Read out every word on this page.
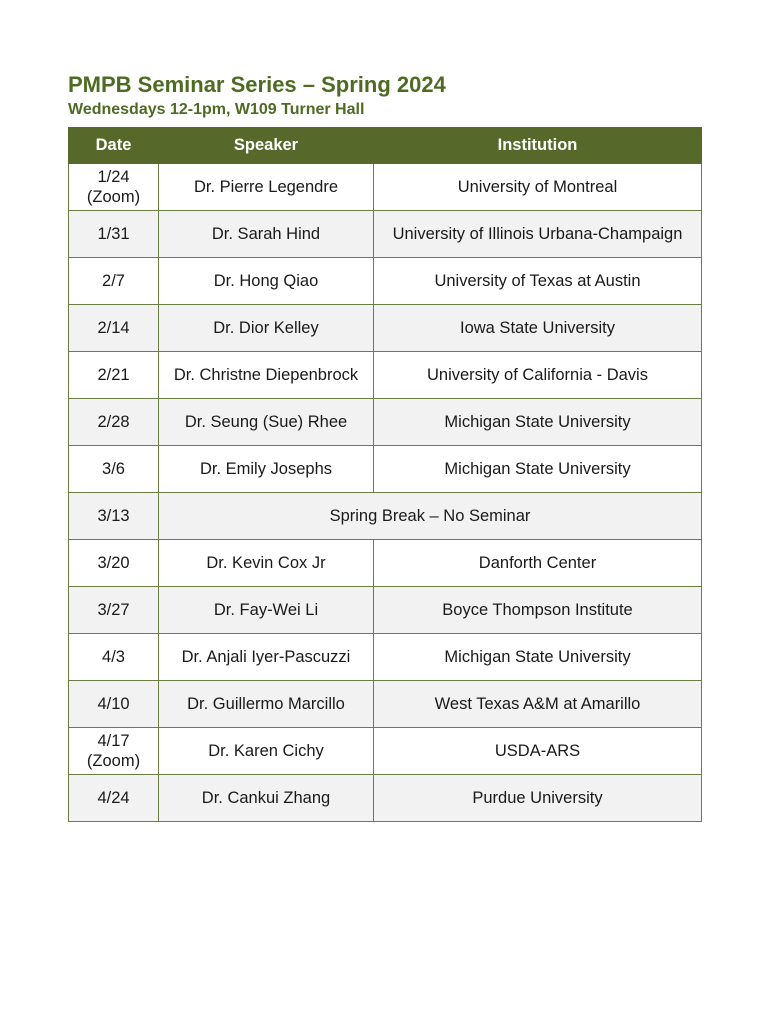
PMPB Seminar Series – Spring 2024
Wednesdays 12-1pm, W109 Turner Hall
Date	Speaker	Institution

1/24
(Zoom)	Dr. Pierre Legendre	University of Montreal
1/31	Dr. Sarah Hind	University of Illinois Urbana-Champaign
2/7	Dr. Hong Qiao	University of Texas at Austin
2/14	Dr. Dior Kelley	Iowa State University
2/21	Dr. Christne Diepenbrock	University of California - Davis
2/28	Dr. Seung (Sue) Rhee	Michigan State University
3/6	Dr. Emily Josephs	Michigan State University
3/13	Spring Break – No Seminar	
3/20	Dr. Kevin Cox Jr	Danforth Center
3/27	Dr. Fay-Wei Li	Boyce Thompson Institute
4/3	Dr. Anjali Iyer-Pascuzzi	Michigan State University
4/10	Dr. Guillermo Marcillo	West Texas A&M at Amarillo

4/17
(Zoom)	Dr. Karen Cichy	USDA-ARS
4/24	Dr. Cankui Zhang	Purdue University
